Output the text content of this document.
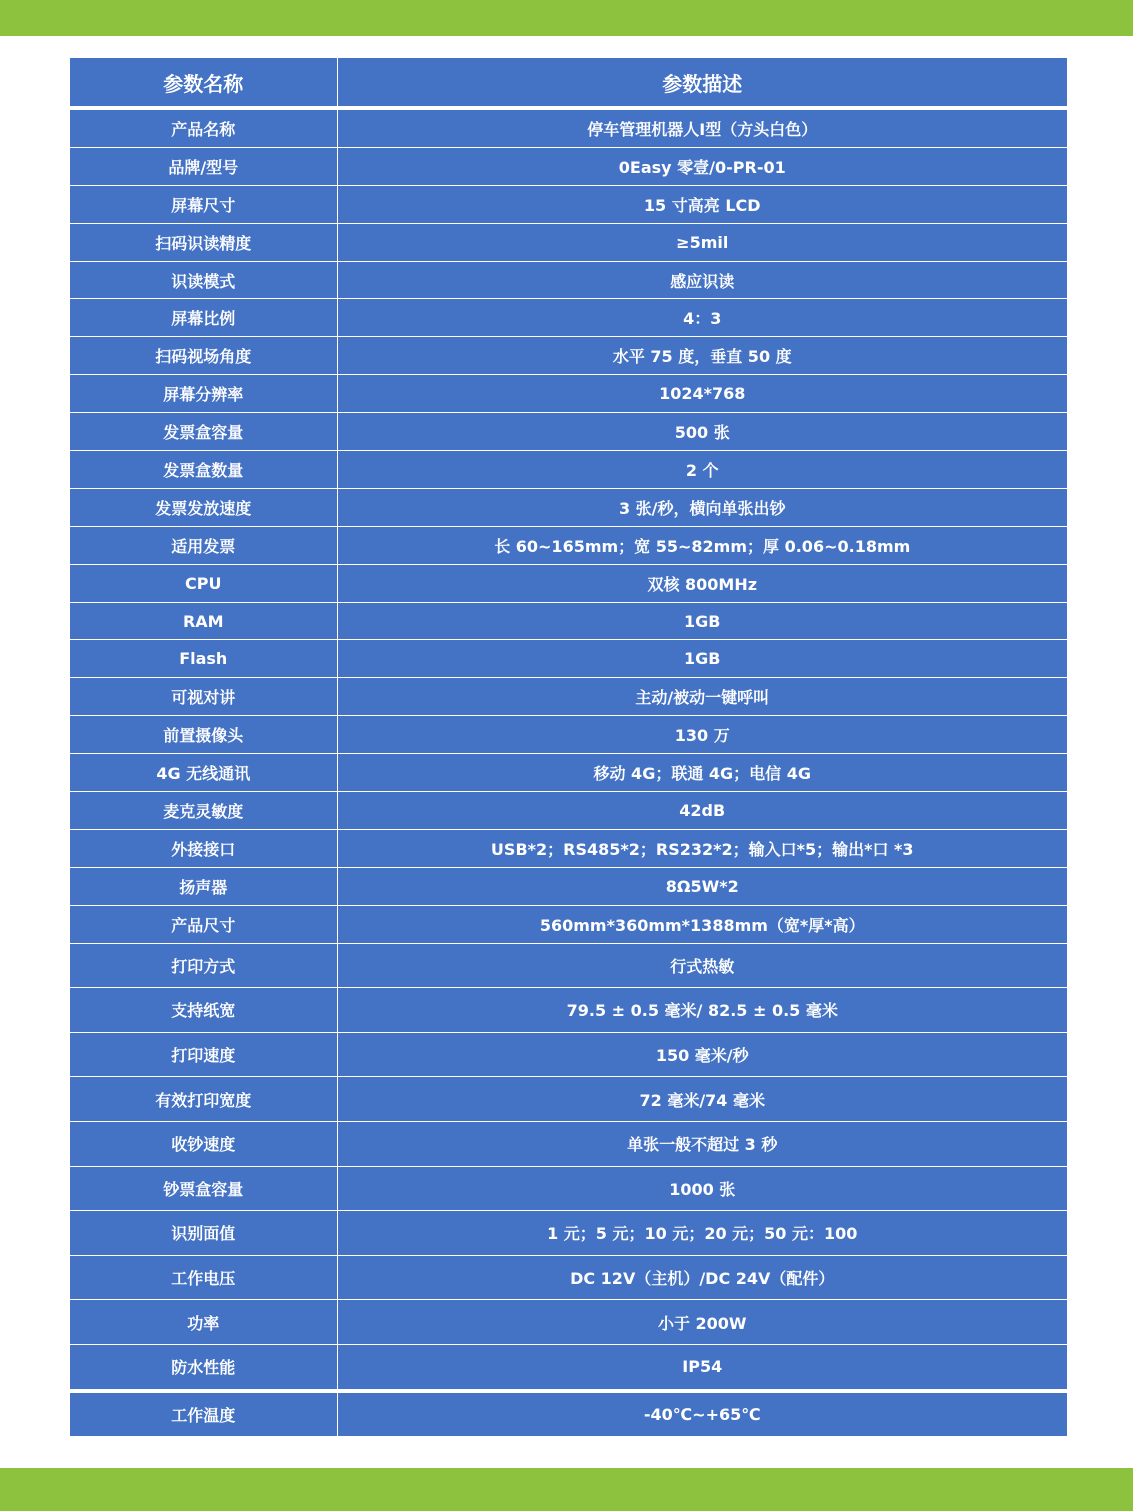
参数名称	参数描述
产品名称	停车管理机器人I型（方头白色）
品牌/型号	0Easy 零壹/0-PR-01
屏幕尺寸	15 寸高亮 LCD
扫码识读精度	≥5mil
识读模式	感应识读
屏幕比例	4：3
扫码视场角度	水平 75 度，垂直 50 度
屏幕分辨率	1024*768
发票盒容量	500 张
发票盒数量	2 个
发票发放速度	3 张/秒，横向单张出钞
适用发票	长 60~165mm；宽 55~82mm；厚 0.06~0.18mm
CPU	双核 800MHz
RAM	1GB
Flash	1GB
可视对讲	主动/被动一键呼叫
前置摄像头	130 万
4G 无线通讯	移动 4G；联通 4G；电信 4G
麦克灵敏度	42dB
外接接口	USB*2；RS485*2；RS232*2；输入口*5；输出*口 *3
扬声器	8Ω5W*2
产品尺寸	560mm*360mm*1388mm（宽*厚*高）
打印方式	行式热敏
支持纸宽	79.5 ± 0.5 毫米/ 82.5 ± 0.5 毫米
打印速度	150 毫米/秒
有效打印宽度	72 毫米/74 毫米
收钞速度	单张一般不超过 3 秒
钞票盒容量	1000 张
识别面值	1 元；5 元；10 元；20 元；50 元：100
工作电压	DC 12V（主机）/DC 24V（配件）
功率	小于 200W
防水性能	IP54
工作温度	-40℃~+65℃
